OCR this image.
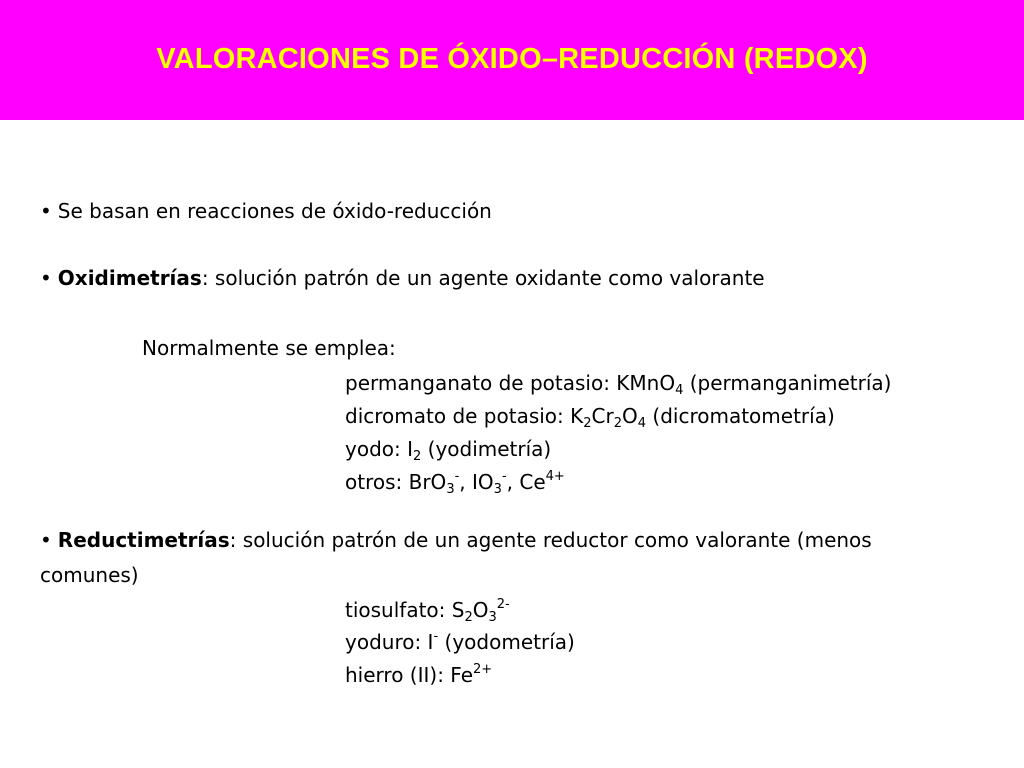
VALORACIONES DE ÓXIDO–REDUCCIÓN (REDOX)
• Se basan en reacciones de óxido-reducción
• Oxidimetrías: solución patrón de un agente oxidante como valorante
Normalmente se emplea:
permanganato de potasio: KMnO$_4$ (permanganimetría)
dicromato de potasio: $K_2Cr_2O_4$ (dicromatometría)
yodo: $I_2$ (yodimetría)
otros: BrO$_3$-, $IO_3^-$, $Ce^{4+}$
• Reductimetrías: solución patrón de un agente reductor como valorante (menos
comunes)
tiosulfato: $S_2O_3^{2-}$
yoduro: I- (yodometría)
hierro (II): $Fe^{2+}$
